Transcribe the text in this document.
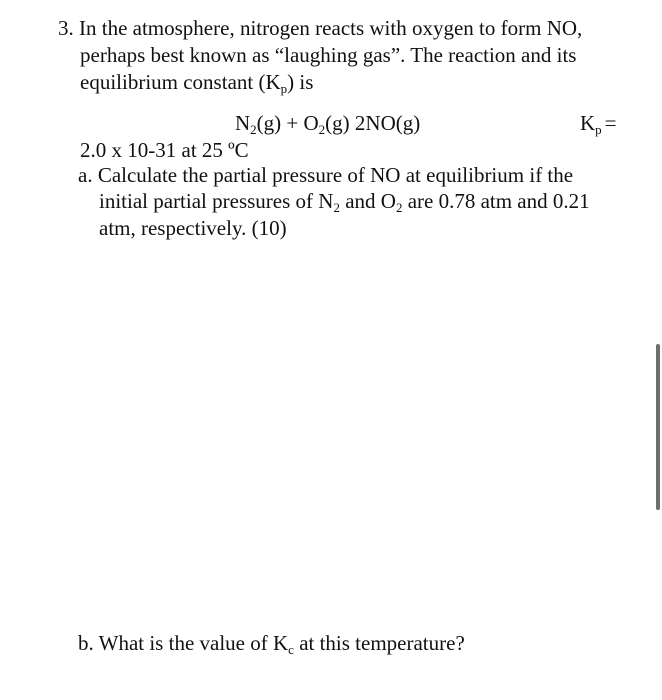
3. In the atmosphere, nitrogen reacts with oxygen to form NO,
perhaps best known as “laughing gas”. The reaction and its
equilibrium constant $(K_p)$ is
$N_2(g) + O_2(g)$ 2NO(g)	$K_p$ =
2.0 x 10-31 at 25 ºC
a. Calculate the partial pressure of NO at equilibrium if the
initial partial pressures of $N_2$ and $O_2$ are 0.78 atm and 0.21
atm, respectively. (10)
b. What is the value of $K_c$ at this temperature?
